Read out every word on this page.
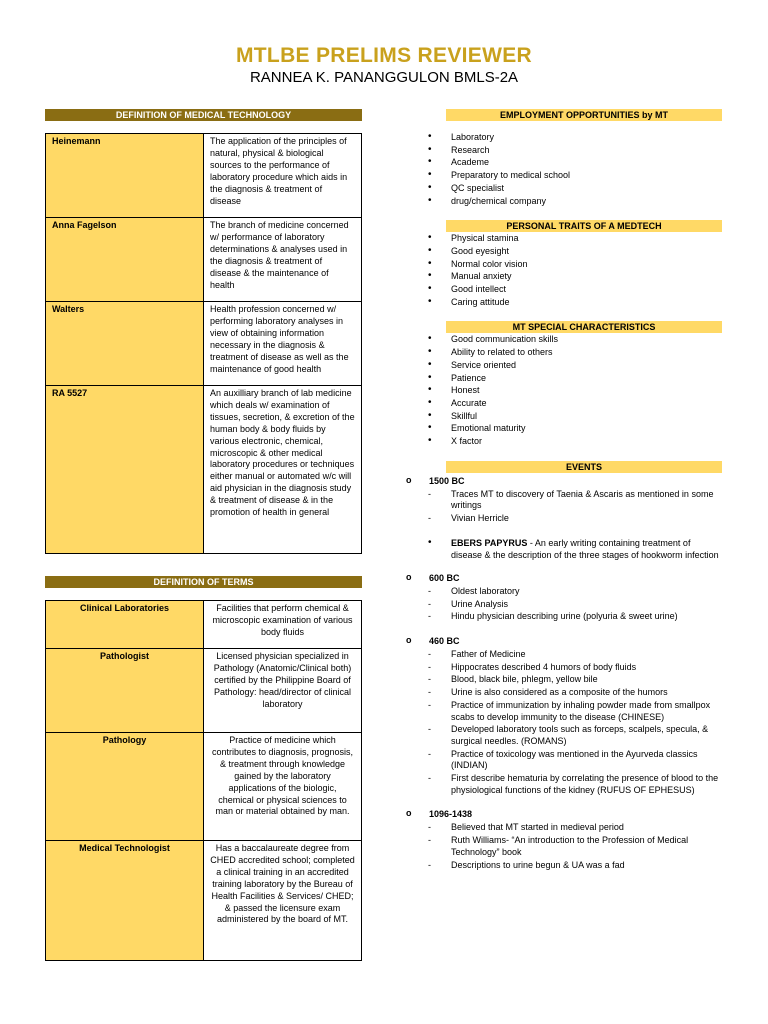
MTLBE PRELIMS REVIEWER
RANNEA K. PANANGGULON BMLS-2A
DEFINITION OF MEDICAL TECHNOLOGY
Heinemann	The application of the principles of natural, physical & biological sources to the performance of laboratory procedure which aids in the diagnosis & treatment of disease
Anna Fagelson	The branch of medicine concerned w/ performance of laboratory determinations & analyses used in the diagnosis & treatment of disease & the maintenance of health
Walters	Health profession concerned w/ performing laboratory analyses in view of obtaining information necessary in the diagnosis & treatment of disease as well as the maintenance of good health
RA 5527	An auxilliary branch of lab medicine which deals w/ examination of tissues, secretion, & excretion of the human body & body fluids by various electronic, chemical, microscopic & other medical laboratory procedures or techniques either manual or automated w/c will aid physician in the diagnosis study & treatment of disease & in the promotion of health in general
DEFINITION OF TERMS
Clinical Laboratories	Facilities that perform chemical & microscopic examination of various body fluids
Pathologist	Licensed physician specialized in Pathology (Anatomic/Clinical both) certified by the Philippine Board of Pathology: head/director of clinical laboratory
Pathology	Practice of medicine which contributes to diagnosis, prognosis, & treatment through knowledge gained by the laboratory applications of the biologic, chemical or physical sciences to man or material obtained by man.
Medical Technologist	Has a baccalaureate degree from CHED accredited school; completed a clinical training in an accredited training laboratory by the Bureau of Health Facilities & Services/ CHED; & passed the licensure exam administered by the board of MT.
EMPLOYMENT OPPORTUNITIES by MT
• Laboratory
• Research
• Academe
• Preparatory to medical school
• QC specialist
• drug/chemical company
PERSONAL TRAITS OF A MEDTECH
• Physical stamina
• Good eyesight
• Normal color vision
• Manual anxiety
• Good intellect
• Caring attitude
MT SPECIAL CHARACTERISTICS
• Good communication skills
• Ability to related to others
• Service oriented
• Patience
• Honest
• Accurate
• Skillful
• Emotional maturity
• X factor
EVENTS
o 1500 BC
- Traces MT to discovery of Taenia & Ascaris as mentioned in some writings
- Vivian Herricle
• EBERS PAPYRUS - An early writing containing treatment of disease & the description of the three stages of hookworm infection
o 600 BC
- Oldest laboratory
- Urine Analysis
- Hindu physician describing urine (polyuria & sweet urine)
o 460 BC
- Father of Medicine
- Hippocrates described 4 humors of body fluids
- Blood, black bile, phlegm, yellow bile
- Urine is also considered as a composite of the humors
- Practice of immunization by inhaling powder made from smallpox scabs to develop immunity to the disease (CHINESE)
- Developed laboratory tools such as forceps, scalpels, specula, & surgical needles. (ROMANS)
- Practice of toxicology was mentioned in the Ayurveda classics (INDIAN)
- First describe hematuria by correlating the presence of blood to the physiological functions of the kidney (RUFUS OF EPHESUS)
o 1096-1438
- Believed that MT started in medieval period
- Ruth Williams- “An introduction to the Profession of Medical Technology” book
- Descriptions to urine begun & UA was a fad
